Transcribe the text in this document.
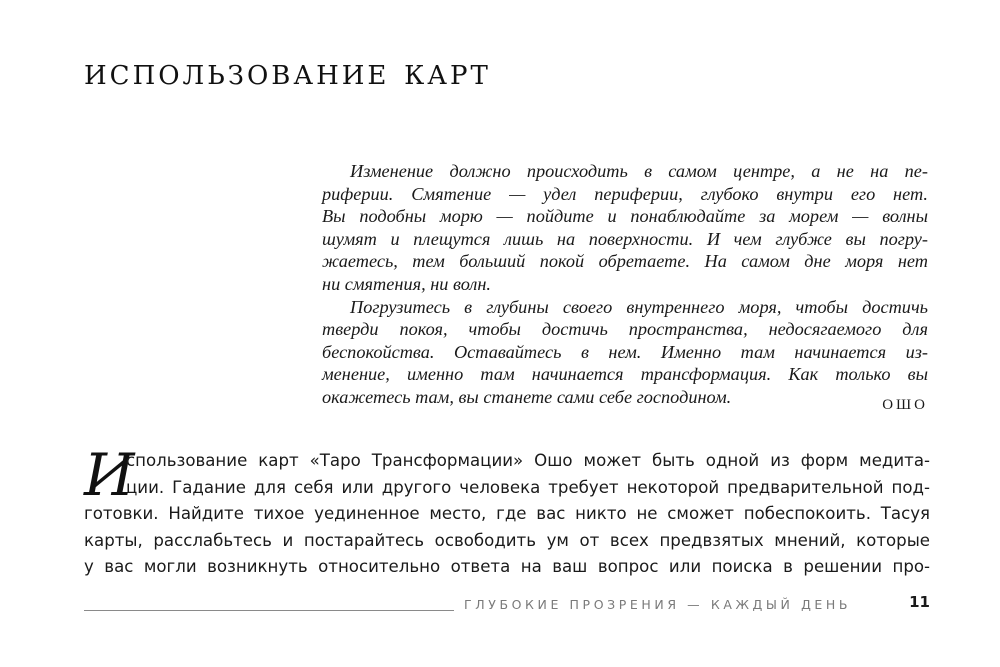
использование карт

Изменение должно происходить в самом центре, а не на пе-
риферии. Смятение — удел периферии, глубоко внутри его нет.
Вы подобны морю — пойдите и понаблюдайте за морем — волны
шумят и плещутся лишь на поверхности. И чем глубже вы погру-
жаетесь, тем больший покой обретаете. На самом дне моря нет
ни смятения, ни волн.

Погрузитесь в глубины своего внутреннего моря, чтобы достичь
тверди покоя, чтобы достичь пространства, недосягаемого для
беспокойства. Оставайтесь в нем. Именно там начинается из-
менение, именно там начинается трансформация. Как только вы
окажетесь там, вы станете сами себе господином.	ОШО
И
спользование карт «Таро Трансформации» Ошо может быть одной из форм медита-
ции. Гадание для себя или другого человека требует некоторой предварительной под-
готовки. Найдите тихое уединенное место, где вас никто не сможет побеспокоить. Тасуя
карты, расслабьтесь и постарайтесь освободить ум от всех предвзятых мнений, которые
у вас могли возникнуть относительно ответа на ваш вопрос или поиска в решении про-
ГЛУБОКИЕ ПРОЗРЕНИЯ — КАЖДЫЙ ДЕНЬ	11
